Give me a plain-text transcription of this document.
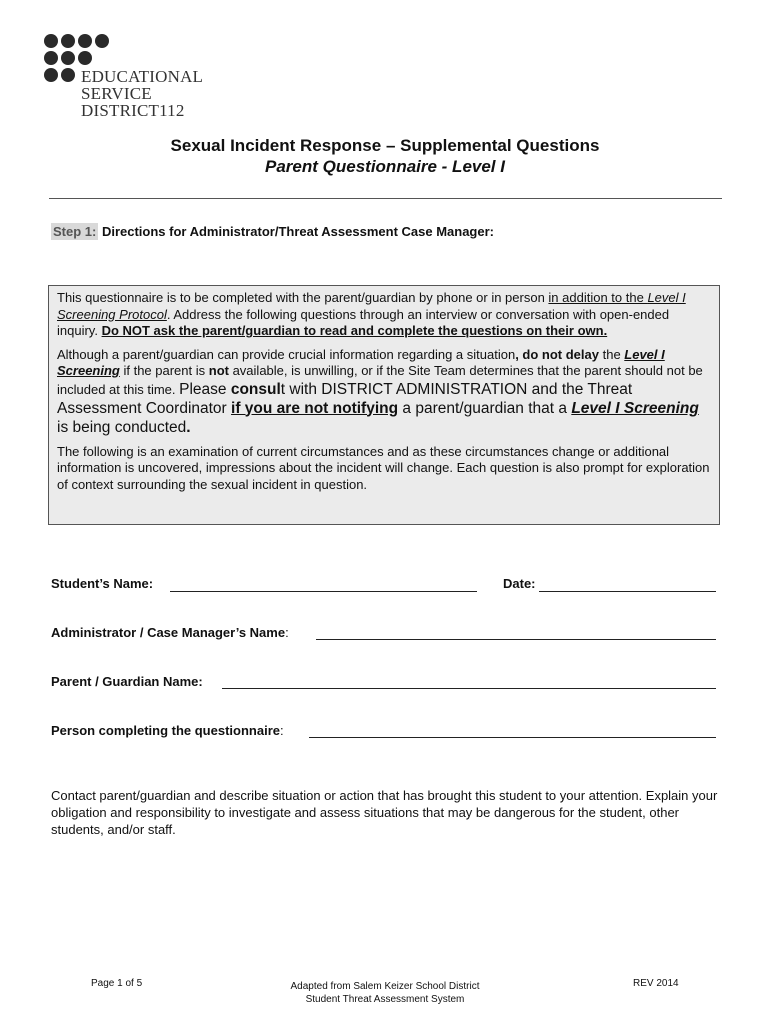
EDUCATIONAL
SERVICE
DISTRICT112
Sexual Incident Response – Supplemental Questions
Parent Questionnaire - Level I
Step 1: Directions for Administrator/Threat Assessment Case Manager:

This questionnaire is to be completed with the parent/guardian by phone or in person in addition to the Level I Screening Protocol. Address the following questions through an interview or conversation with open-ended inquiry. Do NOT ask the parent/guardian to read and complete the questions on their own.

Although a parent/guardian can provide crucial information regarding a situation, do not delay the Level I Screening if the parent is not available, is unwilling, or if the Site Team determines that the parent should not be included at this time. Please consult with DISTRICT ADMINISTRATION and the Threat Assessment Coordinator if you are not notifying a parent/guardian that a Level I Screening is being conducted.

The following is an examination of current circumstances and as these circumstances change or additional information is uncovered, impressions about the incident will change. Each question is also prompt for exploration of context surrounding the sexual incident in question.

Student’s Name:	Date:
Administrator / Case Manager’s Name:
Parent / Guardian Name:
Person completing the questionnaire:
Contact parent/guardian and describe situation or action that has brought this student to your attention. Explain your obligation and responsibility to investigate and assess situations that may be dangerous for the student, other students, and/or staff.
Page 1 of 5	Adapted from Salem Keizer School District
Student Threat Assessment System
REV 2014
